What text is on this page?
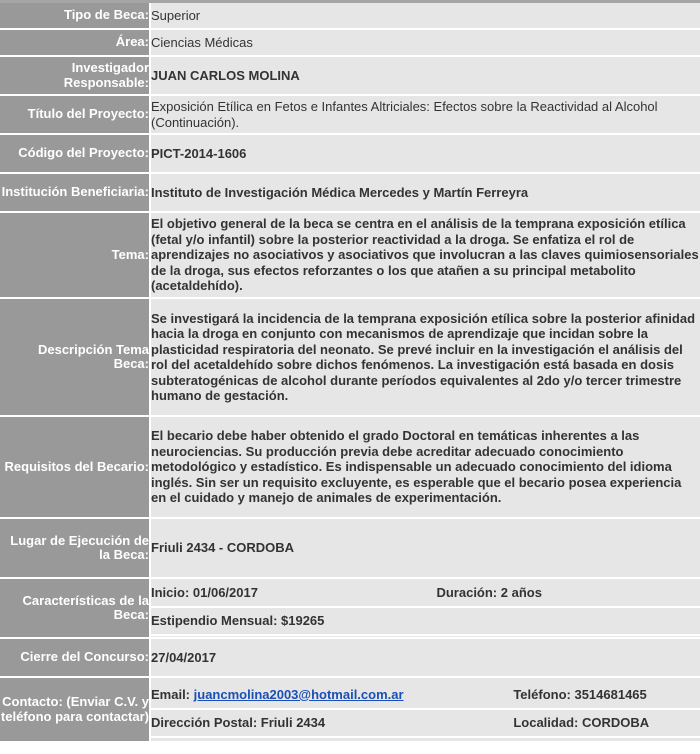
Tipo de Beca:	Superior
Área:	Ciencias Médicas
Investigador Responsable:	JUAN CARLOS MOLINA
Título del Proyecto:	Exposición Etílica en Fetos e Infantes Altriciales: Efectos sobre la Reactividad al Alcohol (Continuación).
Código del Proyecto:	PICT-2014-1606
Institución Beneficiaria:	Instituto de Investigación Médica Mercedes y Martín Ferreyra
Tema:	El objetivo general de la beca se centra en el análisis de la temprana exposición etílica (fetal y/o infantil) sobre la posterior reactividad a la droga. Se enfatiza el rol de aprendizajes no asociativos y asociativos que involucran a las claves quimiosensoriales de la droga, sus efectos reforzantes o los que atañen a su principal metabolito (acetaldehído).
Descripción Tema Beca:	Se investigará la incidencia de la temprana exposición etílica sobre la posterior afinidad hacia la droga en conjunto con mecanismos de aprendizaje que incidan sobre la plasticidad respiratoria del neonato. Se prevé incluir en la investigación el análisis del rol del acetaldehído sobre dichos fenómenos. La investigación está basada en dosis subteratogénicas de alcohol durante períodos equivalentes al 2do y/o tercer trimestre humano de gestación.
Requisitos del Becario:	El becario debe haber obtenido el grado Doctoral en temáticas inherentes a las neurociencias. Su producción previa debe acreditar adecuado conocimiento metodológico y estadístico. Es indispensable un adecuado conocimiento del idioma inglés. Sin ser un requisito excluyente, es esperable que el becario posea experiencia en el cuidado y manejo de animales de experimentación.
Lugar de Ejecución de la Beca:	Friuli 2434 - CORDOBA
Características de la Beca:	
Inicio: 01/06/2017	Duración: 2 años
Estipendio Mensual: $19265

Cierre del Concurso:	27/04/2017
Contacto: (Enviar C.V. y teléfono para contactar)	
Email: juancmolina2003@hotmail.com.ar	Teléfono: 3514681465
Dirección Postal: Friuli 2434	Localidad: CORDOBA
